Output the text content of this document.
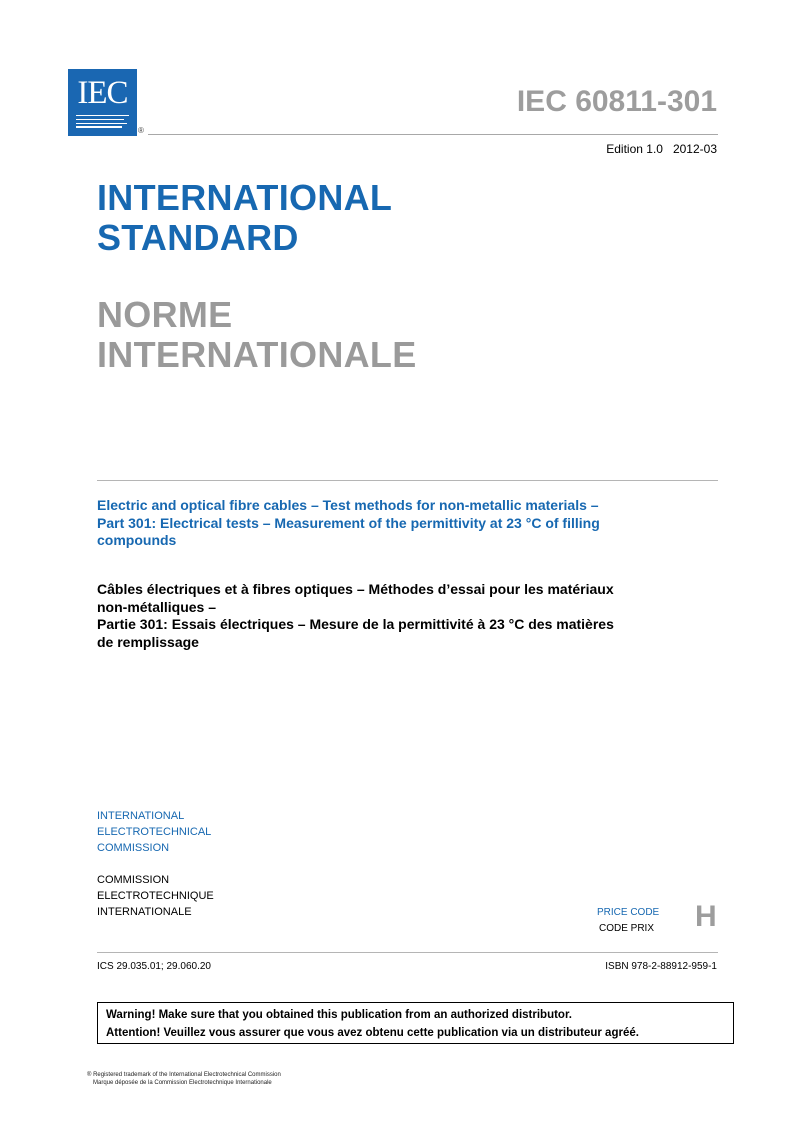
IEC
®
IEC 60811-301
Edition 1.0   2012-03
INTERNATIONAL
STANDARD
NORME
INTERNATIONALE
Electric and optical fibre cables – Test methods for non-metallic materials –
Part 301: Electrical tests – Measurement of the permittivity at 23 °C of filling
compounds
Câbles électriques et à fibres optiques – Méthodes d’essai pour les matériaux
non-métalliques –
Partie 301: Essais électriques – Mesure de la permittivité à 23 °C des matières
de remplissage
INTERNATIONAL
ELECTROTECHNICAL
COMMISSION
COMMISSION
ELECTROTECHNIQUE
INTERNATIONALE	PRICE CODE
CODE PRIX H
ICS 29.035.01; 29.060.20	ISBN 978-2-88912-959-1
Warning! Make sure that you obtained this publication from an authorized distributor.
Attention! Veuillez vous assurer que vous avez obtenu cette publication via un distributeur agréé.
® Registered trademark of the International Electrotechnical Commission
Marque déposée de la Commission Electrotechnique Internationale
